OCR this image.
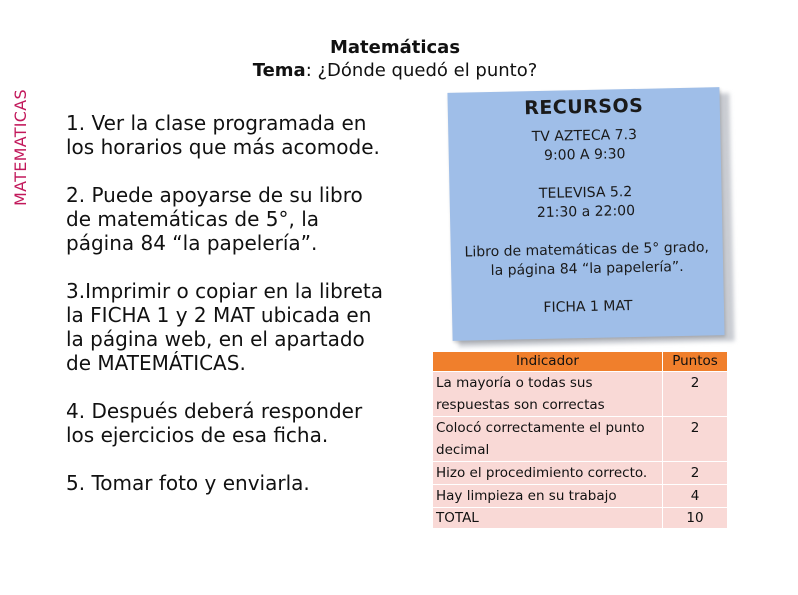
MATEMATICAS
Matemáticas
Tema: ¿Dónde quedó el punto?

1. Ver la clase programada en los horarios que más acomode.

2. Puede apoyarse de su libro de matemáticas de 5°, la página 84 “la papelería”.

3.Imprimir o copiar en la libreta la FICHA 1 y 2 MAT ubicada en la página web, en el apartado de MATEMÁTICAS.

4. Después deberá responder los ejercicios de esa ficha.

5. Tomar foto y enviarla.

RECURSOS

TV AZTECA 7.3

9:00 A 9:30

TELEVISA 5.2

21:30 a 22:00

Libro de matemáticas de 5° grado,

la página 84 “la papelería”.

FICHA 1 MAT

Indicador	Puntos
La mayoría o todas sus respuestas son correctas	2
Colocó correctamente el punto decimal	2
Hizo el procedimiento correcto.	2
Hay limpieza en su trabajo	4
TOTAL	10
